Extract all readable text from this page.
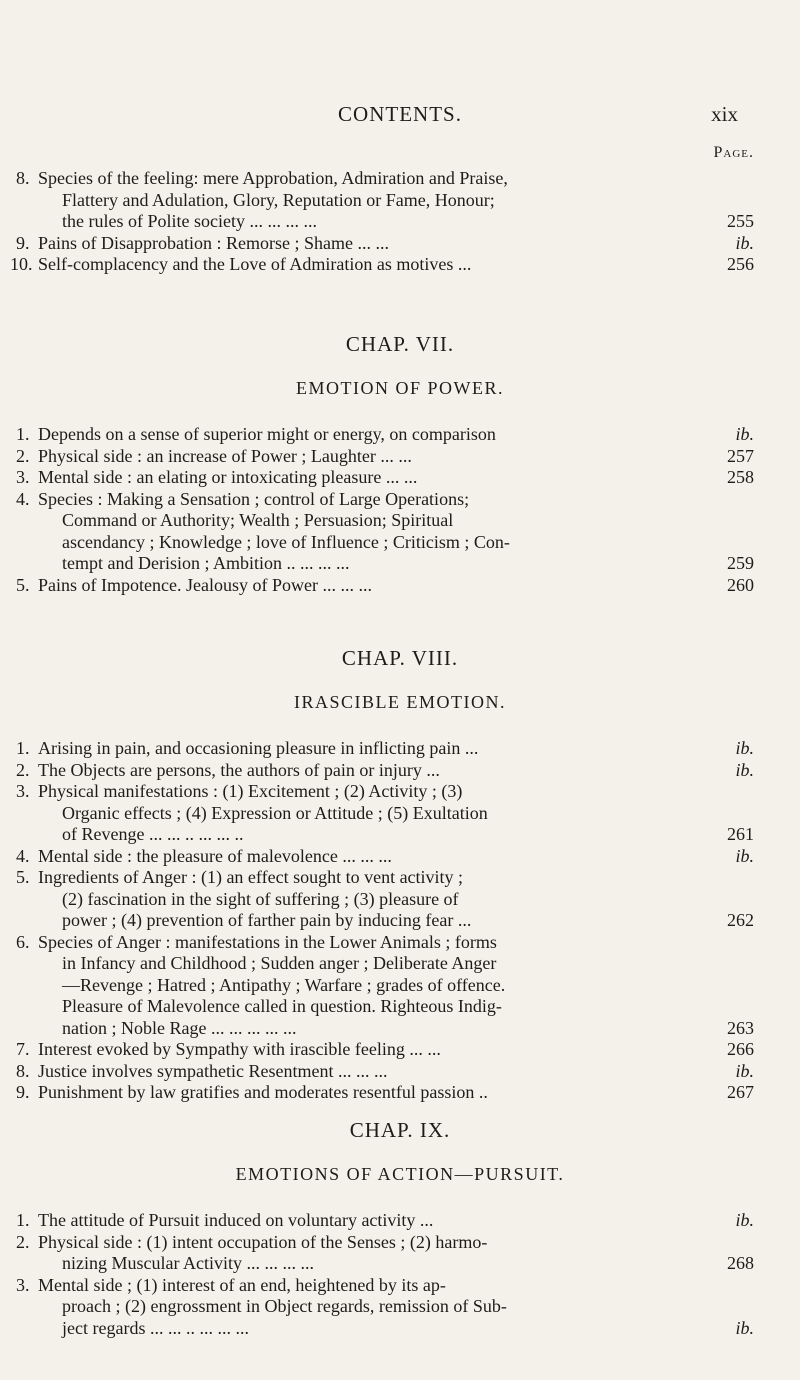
CONTENTS.	xix
Page.
8. Species of the feeling: mere Approbation, Admiration and Praise,
Flattery and Adulation, Glory, Reputation or Fame, Honour;
the rules of Polite society ... ... ... ...	255
9. Pains of Disapprobation : Remorse ; Shame ... ...	ib.
10. Self-complacency and the Love of Admiration as motives ...	256
CHAP. VII.
EMOTION OF POWER.
1. Depends on a sense of superior might or energy, on comparison	ib.
2. Physical side : an increase of Power ; Laughter ... ...	257
3. Mental side : an elating or intoxicating pleasure ... ...	258
4. Species : Making a Sensation ; control of Large Operations;
Command or Authority; Wealth ; Persuasion; Spiritual
ascendancy ; Knowledge ; love of Influence ; Criticism ; Con-
tempt and Derision ; Ambition .. ... ... ...	259
5. Pains of Impotence. Jealousy of Power ... ... ...	260
CHAP. VIII.
IRASCIBLE EMOTION.
1. Arising in pain, and occasioning pleasure in inflicting pain ...	ib.
2. The Objects are persons, the authors of pain or injury ...	ib.
3. Physical manifestations : (1) Excitement ; (2) Activity ; (3)
Organic effects ; (4) Expression or Attitude ; (5) Exultation
of Revenge ... ... .. ... ... ..	261
4. Mental side : the pleasure of malevolence ... ... ...	ib.
5. Ingredients of Anger : (1) an effect sought to vent activity ;
(2) fascination in the sight of suffering ; (3) pleasure of
power ; (4) prevention of farther pain by inducing fear ...	262
6. Species of Anger : manifestations in the Lower Animals ; forms
in Infancy and Childhood ; Sudden anger ; Deliberate Anger
—Revenge ; Hatred ; Antipathy ; Warfare ; grades of offence.
Pleasure of Malevolence called in question. Righteous Indig-
nation ; Noble Rage ... ... ... ... ...	263
7. Interest evoked by Sympathy with irascible feeling ... ...	266
8. Justice involves sympathetic Resentment ... ... ...	ib.
9. Punishment by law gratifies and moderates resentful passion ..	267
CHAP. IX.
EMOTIONS OF ACTION—PURSUIT.
1. The attitude of Pursuit induced on voluntary activity ...	ib.
2. Physical side : (1) intent occupation of the Senses ; (2) harmo-
nizing Muscular Activity ... ... ... ...	268
3. Mental side ; (1) interest of an end, heightened by its ap-
proach ; (2) engrossment in Object regards, remission of Sub-
ject regards ... ... .. ... ... ...	ib.
